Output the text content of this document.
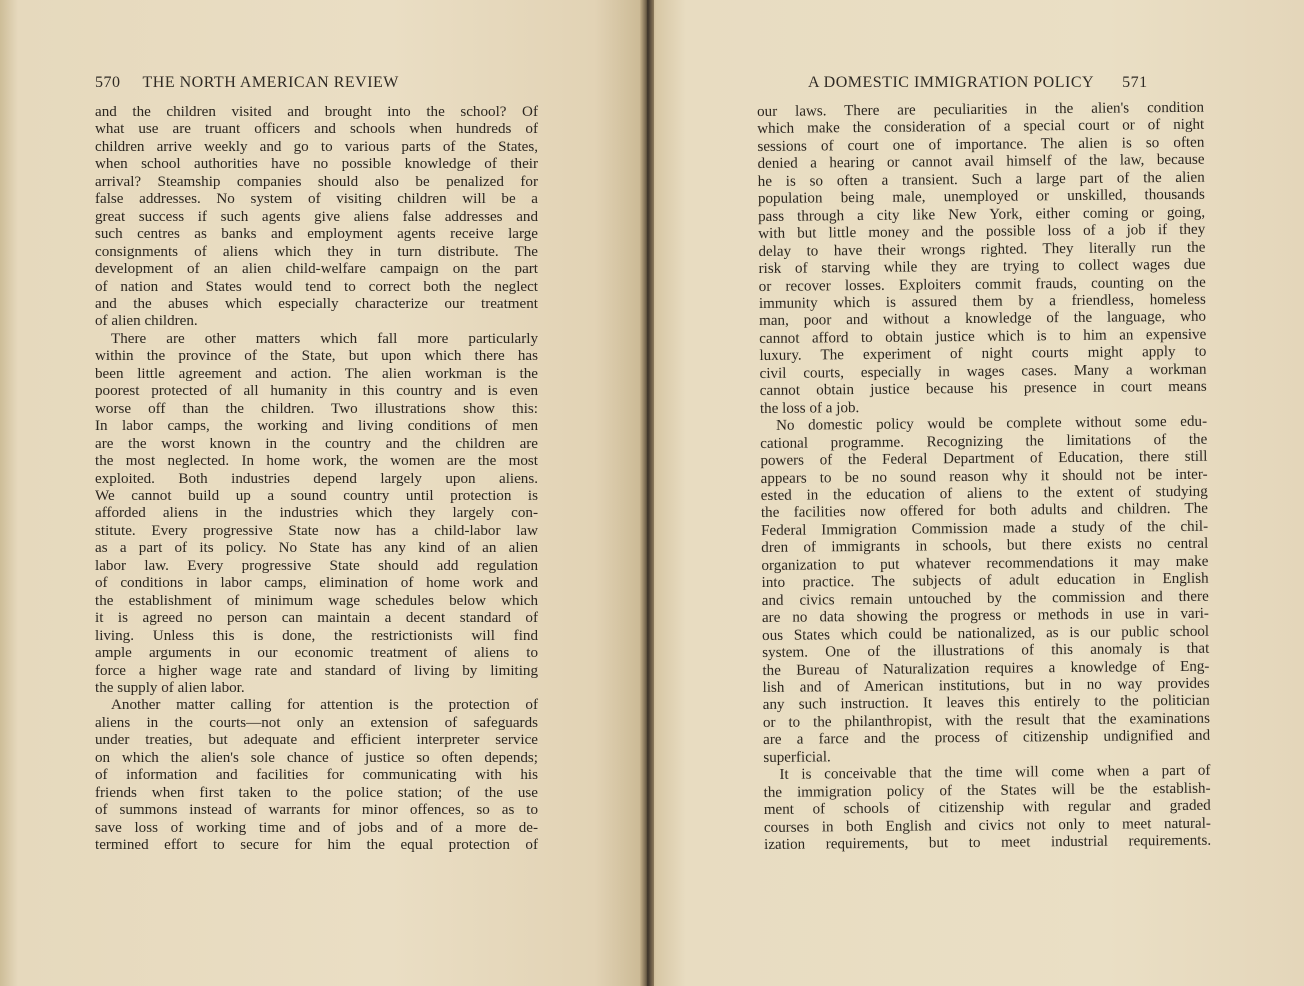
570 THE NORTH AMERICAN REVIEW	A DOMESTIC IMMIGRATION POLICY 571
and the children visited and brought into the school? Of
what use are truant officers and schools when hundreds of
children arrive weekly and go to various parts of the States,
when school authorities have no possible knowledge of their
arrival? Steamship companies should also be penalized for
false addresses. No system of visiting children will be a
great success if such agents give aliens false addresses and
such centres as banks and employment agents receive large
consignments of aliens which they in turn distribute. The
development of an alien child-welfare campaign on the part
of nation and States would tend to correct both the neglect
and the abuses which especially characterize our treatment
of alien children.
There are other matters which fall more particularly
within the province of the State, but upon which there has
been little agreement and action. The alien workman is the
poorest protected of all humanity in this country and is even
worse off than the children. Two illustrations show this:
In labor camps, the working and living conditions of men
are the worst known in the country and the children are
the most neglected. In home work, the women are the most
exploited. Both industries depend largely upon aliens.
We cannot build up a sound country until protection is
afforded aliens in the industries which they largely con-
stitute. Every progressive State now has a child-labor law
as a part of its policy. No State has any kind of an alien
labor law. Every progressive State should add regulation
of conditions in labor camps, elimination of home work and
the establishment of minimum wage schedules below which
it is agreed no person can maintain a decent standard of
living. Unless this is done, the restrictionists will find
ample arguments in our economic treatment of aliens to
force a higher wage rate and standard of living by limiting
the supply of alien labor.
Another matter calling for attention is the protection of
aliens in the courts—not only an extension of safeguards
under treaties, but adequate and efficient interpreter service
on which the alien's sole chance of justice so often depends;
of information and facilities for communicating with his
friends when first taken to the police station; of the use
of summons instead of warrants for minor offences, so as to
save loss of working time and of jobs and of a more de-
termined effort to secure for him the equal protection of
our laws. There are peculiarities in the alien's condition
which make the consideration of a special court or of night
sessions of court one of importance. The alien is so often
denied a hearing or cannot avail himself of the law, because
he is so often a transient. Such a large part of the alien
population being male, unemployed or unskilled, thousands
pass through a city like New York, either coming or going,
with but little money and the possible loss of a job if they
delay to have their wrongs righted. They literally run the
risk of starving while they are trying to collect wages due
or recover losses. Exploiters commit frauds, counting on the
immunity which is assured them by a friendless, homeless
man, poor and without a knowledge of the language, who
cannot afford to obtain justice which is to him an expensive
luxury. The experiment of night courts might apply to
civil courts, especially in wages cases. Many a workman
cannot obtain justice because his presence in court means
the loss of a job.
No domestic policy would be complete without some edu-
cational programme. Recognizing the limitations of the
powers of the Federal Department of Education, there still
appears to be no sound reason why it should not be inter-
ested in the education of aliens to the extent of studying
the facilities now offered for both adults and children. The
Federal Immigration Commission made a study of the chil-
dren of immigrants in schools, but there exists no central
organization to put whatever recommendations it may make
into practice. The subjects of adult education in English
and civics remain untouched by the commission and there
are no data showing the progress or methods in use in vari-
ous States which could be nationalized, as is our public school
system. One of the illustrations of this anomaly is that
the Bureau of Naturalization requires a knowledge of Eng-
lish and of American institutions, but in no way provides
any such instruction. It leaves this entirely to the politician
or to the philanthropist, with the result that the examinations
are a farce and the process of citizenship undignified and
superficial.
It is conceivable that the time will come when a part of
the immigration policy of the States will be the establish-
ment of schools of citizenship with regular and graded
courses in both English and civics not only to meet natural-
ization requirements, but to meet industrial requirements.
